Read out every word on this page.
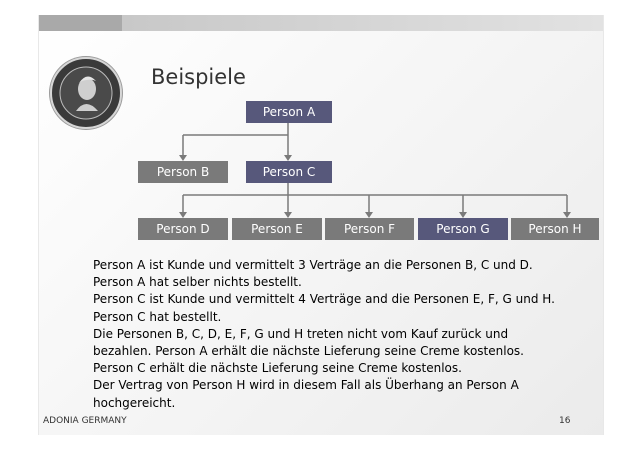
Beispiele
Person A
Person B	Person C
Person D	Person E	Person F	Person G	Person H
Person A ist Kunde und vermittelt 3 Verträge an die Personen B, C und D.
Person A hat selber nichts bestellt.
Person C ist Kunde und vermittelt 4 Verträge and die Personen E, F, G und H.
Person C hat bestellt.
Die Personen B, C, D, E, F, G und H treten nicht vom Kauf zurück und
bezahlen. Person A erhält die nächste Lieferung seine Creme kostenlos.
Person C erhält die nächste Lieferung seine Creme kostenlos.
Der Vertrag von Person H wird in diesem Fall als Überhang an Person A
hochgereicht.
ADONIA GERMANY	16
